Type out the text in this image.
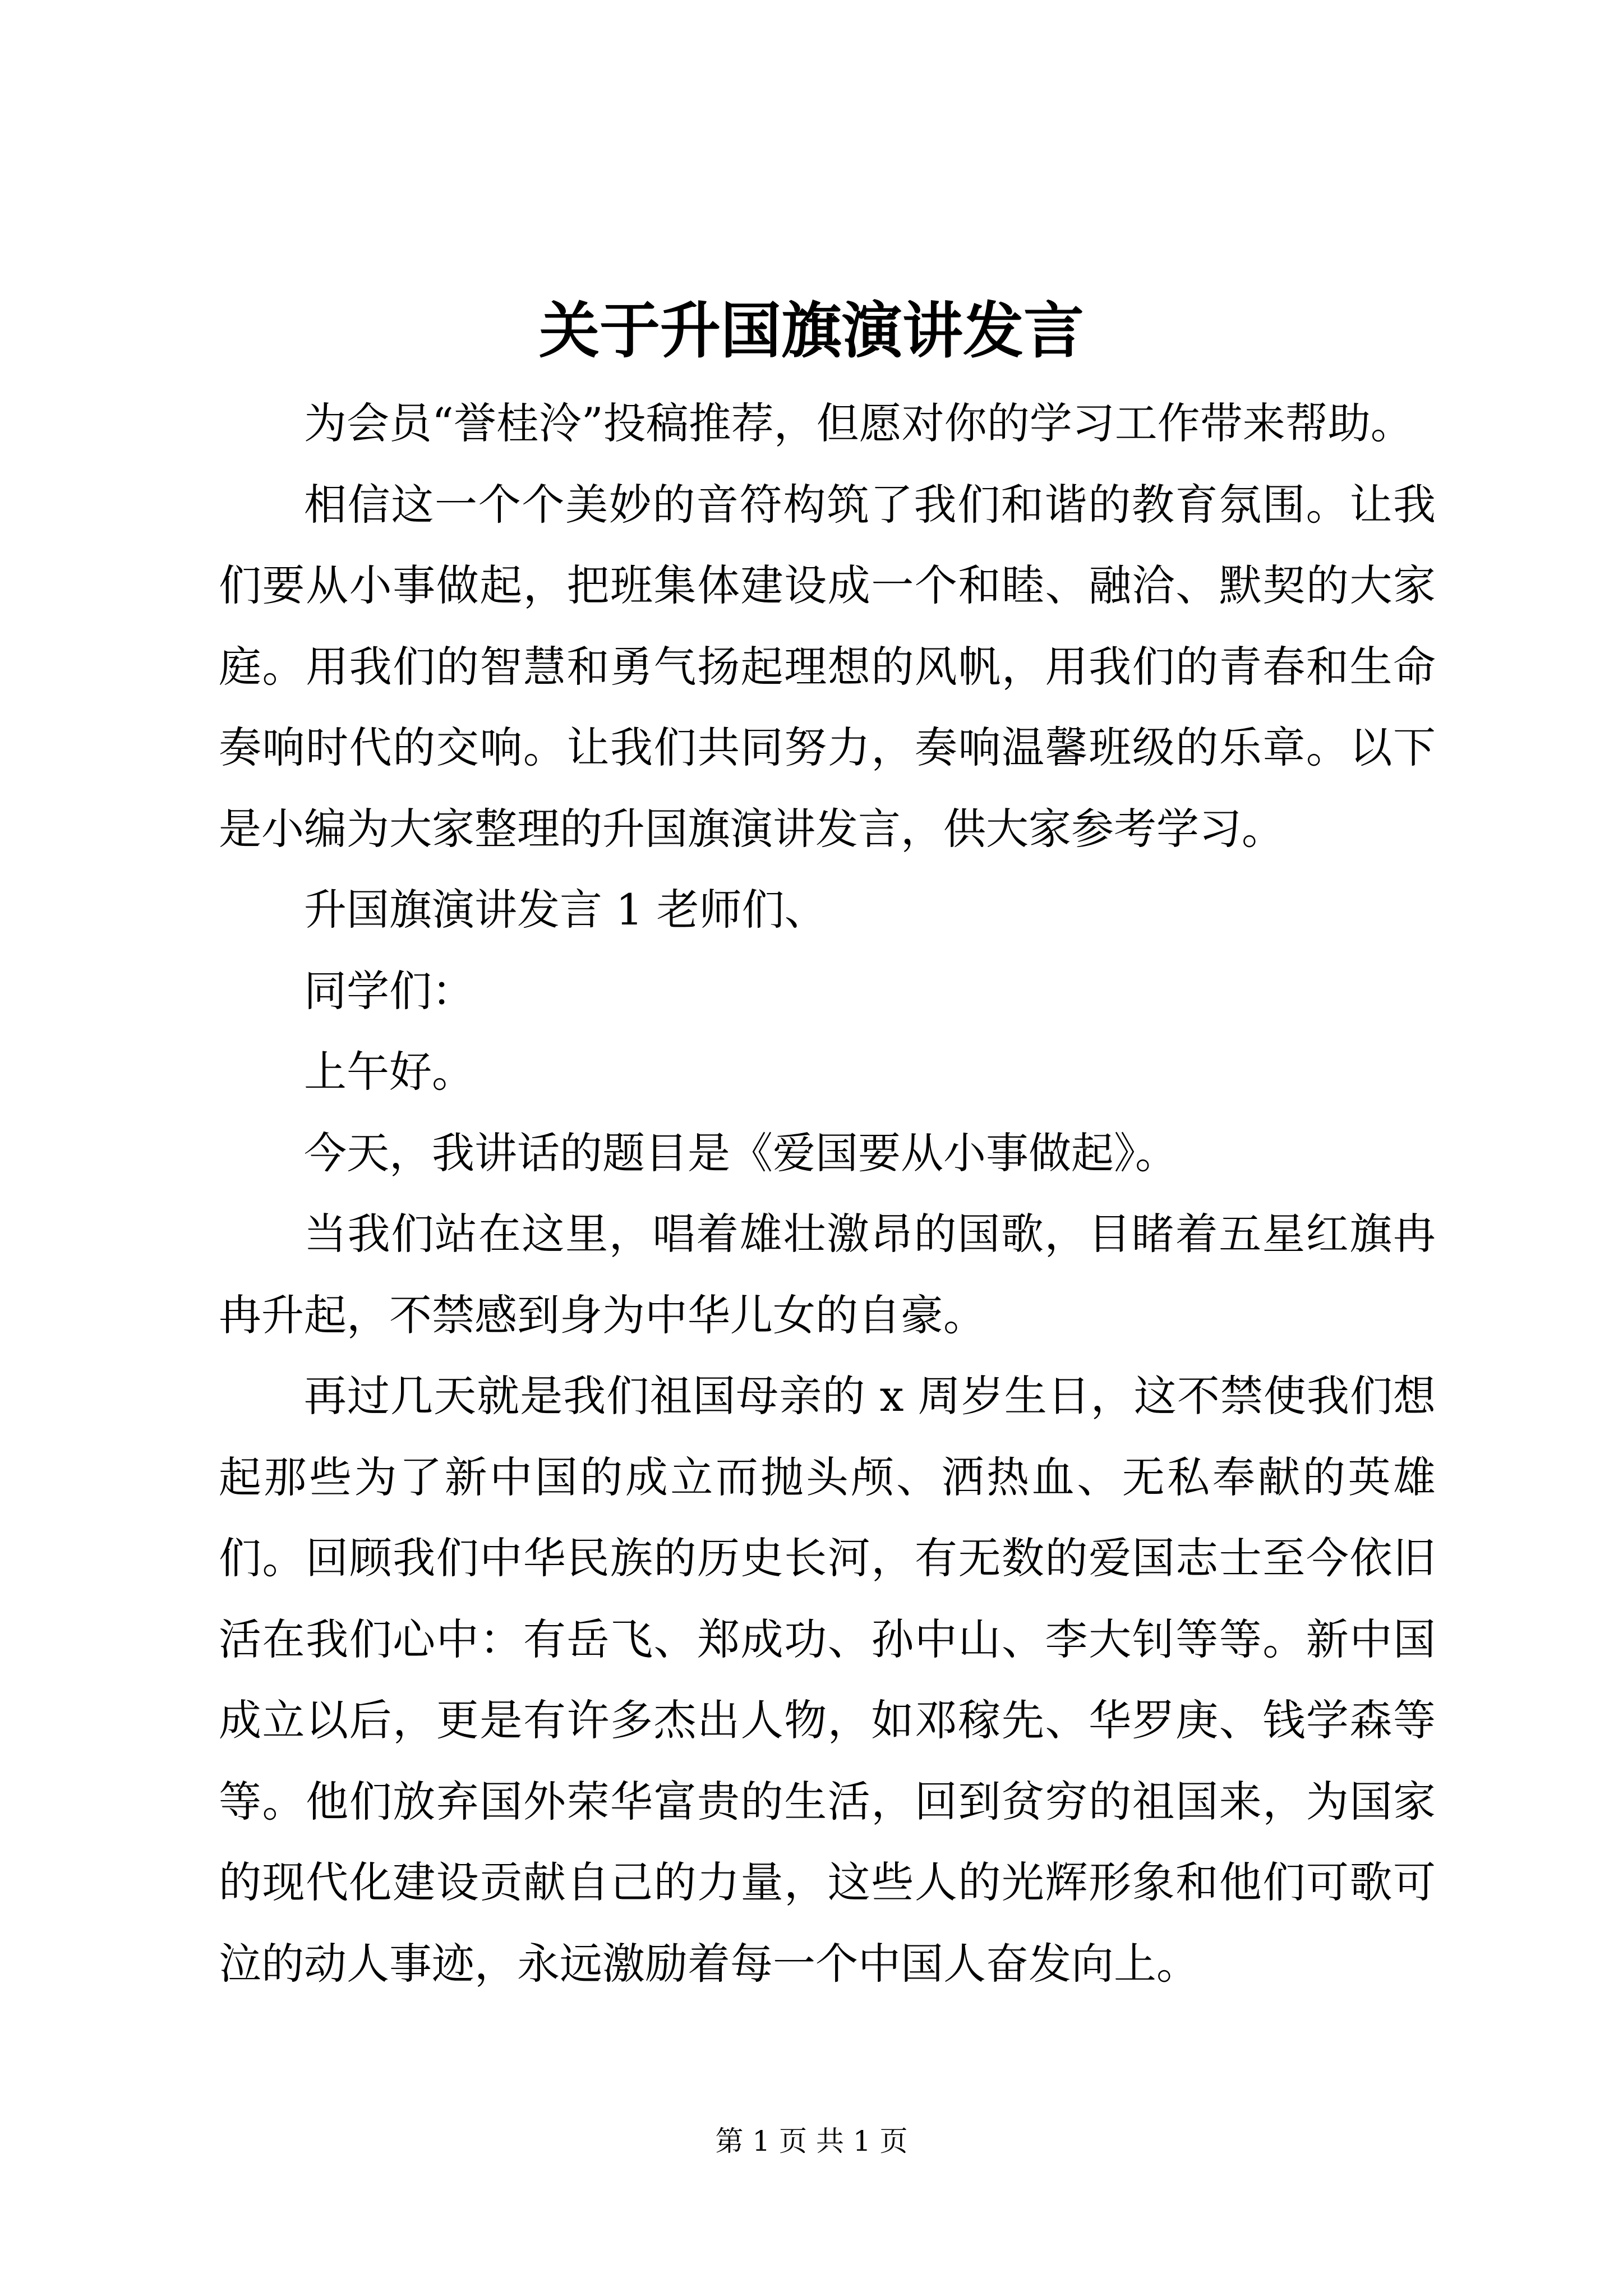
关于升国旗演讲发言

为会员“誉桂泠”投稿推荐，但愿对你的学习工作带来帮助。

相信这一个个美妙的音符构筑了我们和谐的教育氛围。让我们要从小事做起，把班集体建设成一个和睦、融洽、默契的大家庭。用我们的智慧和勇气扬起理想的风帆，用我们的青春和生命奏响时代的交响。让我们共同努力，奏响温馨班级的乐章。以下是小编为大家整理的升国旗演讲发言，供大家参考学习。

升国旗演讲发言 1 老师们、

同学们：

上午好。

今天，我讲话的题目是《爱国要从小事做起》。

当我们站在这里，唱着雄壮激昂的国歌，目睹着五星红旗冉冉升起，不禁感到身为中华儿女的自豪。

再过几天就是我们祖国母亲的 x 周岁生日，这不禁使我们想起那些为了新中国的成立而抛头颅、洒热血、无私奉献的英雄们。回顾我们中华民族的历史长河，有无数的爱国志士至今依旧活在我们心中：有岳飞、郑成功、孙中山、李大钊等等。新中国成立以后，更是有许多杰出人物，如邓稼先、华罗庚、钱学森等等。他们放弃国外荣华富贵的生活，回到贫穷的祖国来，为国家的现代化建设贡献自己的力量，这些人的光辉形象和他们可歌可泣的动人事迹，永远激励着每一个中国人奋发向上。

第 1 页 共 1 页
